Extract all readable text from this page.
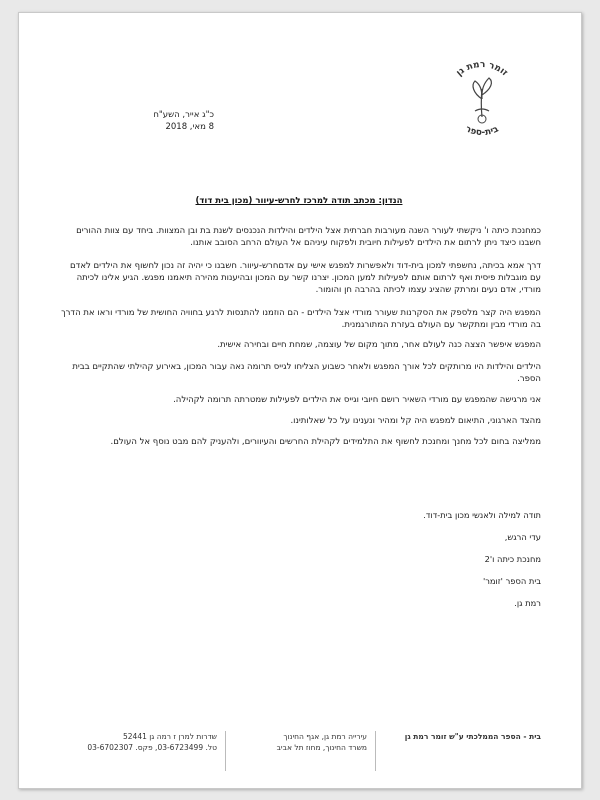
זומר רמת גן
בית-ספר
כ"ג אייר, השע"ח
8 מאי, 2018
הנדון: מכתב תודה למרכז לחרש-עיוור (מכון בית דוד)

כמחנכת כיתה ו' ניקשתי לעורר השנה מעורבות חברתית אצל הילדים והילדות הנכנסים לשנת בת ובן המצוות. ביחד עם צוות ההורים חשבנו כיצד ניתן לרתום את הילדים לפעילות חיובית ולפקוח עיניהם אל העולם הרחב הסובב אותנו.

דרך אמא בכיתה, נחשפתי למכון בית-דוד ולאפשרות למפגש אישי עם אדםחרש-עיוור. חשבנו כי יהיה זה נכון לחשוף את הילדים לאדם עם מוגבלות פיסית ואף לרתום אותם לפעילות למען המכון. יצרנו קשר עם המכון ובהיענות מהירה תיאמנו מפגש. הגיע אלינו לכיתה מורדי, אדם נעים ומרתק שהציג עצמו לכיתה בהרבה חן והומור.

המפגש היה קצר מלספק את הסקרנות שעורר מורדי אצל הילדים - הם הוזמנו להתנסות לרגע בחוויה החושית של מורדי וראו את הדרך בה מורדי מבין ומתקשר עם העולם בעזרת המתורגמנית.

המפגש איפשר הצצה כנה לעולם אחר, מתוך מקום של עוצמה, שמחת חיים ובחירה אישית.

הילדים והילדות היו מרותקים לכל אורך המפגש ולאחר כשבוע הצליחו לגייס תרומה נאה עבור המכון, באירוע קהילתי שהתקיים בבית הספר.

אני מרגישה שהמפגש עם מורדי השאיר רושם חיובי וגייס את הילדים לפעילות שמטרתה תרומה לקהילה.

מהצד הארגוני, התיאום למפגש היה קל ומהיר ונענינו על כל שאלותינו.

ממליצה בחום לכל מחנך ומחנכת לחשוף את התלמידים לקהילת החרשים והעיוורים, ולהעניק להם מבט נוסף אל העולם.

תודה למילה ולאנשי מכון בית-דוד.
עדי הרגש,
מחנכת כיתה ו'2
בית הספר 'זומר'
רמת גן.
בית - הספר הממלכתי ע"ש זומר רמת גן
עירייה רמת גן, אגף החינוך
משרד החינוך, מחוז תל אביב
שדרות למרן ז רמה גן 52441
טל. 03-6723499, פקס. 03-6702307
